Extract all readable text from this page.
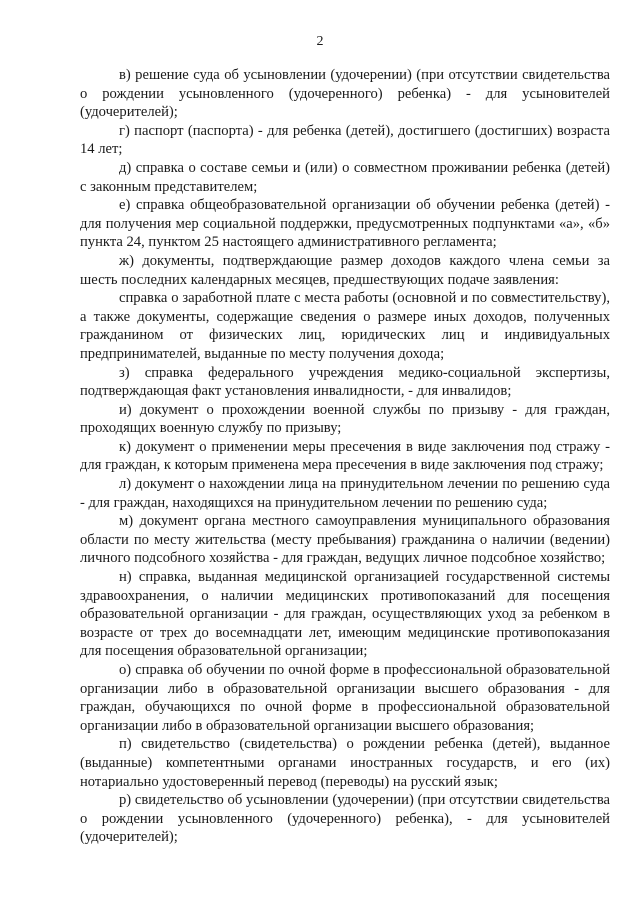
2

в) решение суда об усыновлении (удочерении) (при отсутствии свидетельства о рождении усыновленного (удочеренного) ребенка) - для усыновителей (удочерителей);

г) паспорт (паспорта) - для ребенка (детей), достигшего (достигших) возраста 14 лет;

д) справка о составе семьи и (или) о совместном проживании ребенка (детей) с законным представителем;

е) справка общеобразовательной организации об обучении ребенка (детей) - для получения мер социальной поддержки, предусмотренных подпунктами «а», «б» пункта 24, пунктом 25 настоящего административного регламента;

ж) документы, подтверждающие размер доходов каждого члена семьи за шесть последних календарных месяцев, предшествующих подаче заявления:

справка о заработной плате с места работы (основной и по совместительству), а также документы, содержащие сведения о размере иных доходов, полученных гражданином от физических лиц, юридических лиц и индивидуальных предпринимателей, выданные по месту получения дохода;

з) справка федерального учреждения медико-социальной экспертизы, подтверждающая факт установления инвалидности, - для инвалидов;

и) документ о прохождении военной службы по призыву - для граждан, проходящих военную службу по призыву;

к) документ о применении меры пресечения в виде заключения под стражу - для граждан, к которым применена мера пресечения в виде заключения под стражу;

л) документ о нахождении лица на принудительном лечении по решению суда - для граждан, находящихся на принудительном лечении по решению суда;

м) документ органа местного самоуправления муниципального образования области по месту жительства (месту пребывания) гражданина о наличии (ведении) личного подсобного хозяйства - для граждан, ведущих личное подсобное хозяйство;

н) справка, выданная медицинской организацией государственной системы здравоохранения, о наличии медицинских противопоказаний для посещения образовательной организации - для граждан, осуществляющих уход за ребенком в возрасте от трех до восемнадцати лет, имеющим медицинские противопоказания для посещения образовательной организации;

о) справка об обучении по очной форме в профессиональной образовательной организации либо в образовательной организации высшего образования - для граждан, обучающихся по очной форме в профессиональной образовательной организации либо в образовательной организации высшего образования;

п) свидетельство (свидетельства) о рождении ребенка (детей), выданное (выданные) компетентными органами иностранных государств, и его (их) нотариально удостоверенный перевод (переводы) на русский язык;

р) свидетельство об усыновлении (удочерении) (при отсутствии свидетельства о рождении усыновленного (удочеренного) ребенка), - для усыновителей (удочерителей);
